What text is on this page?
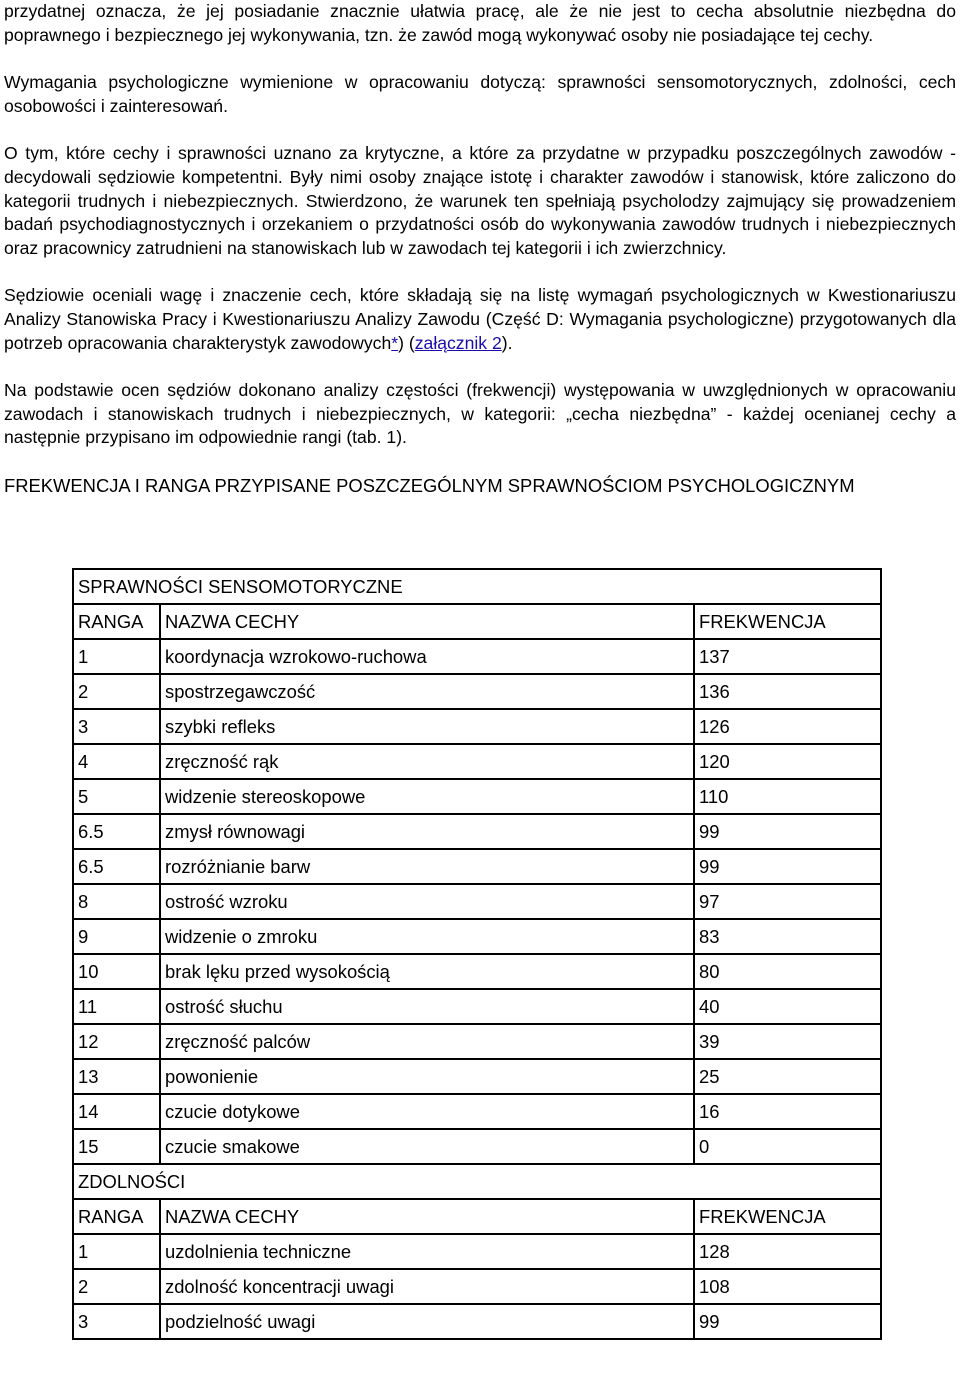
przydatnej oznacza, że jej posiadanie znacznie ułatwia pracę, ale że nie jest to cecha absolutnie niezbędna do poprawnego i bezpiecznego jej wykonywania, tzn. że zawód mogą wykonywać osoby nie posiadające tej cechy.

Wymagania psychologiczne wymienione w opracowaniu dotyczą: sprawności sensomotorycznych, zdolności, cech osobowości i zainteresowań.

O tym, które cechy i sprawności uznano za krytyczne, a które za przydatne w przypadku poszczególnych zawodów - decydowali sędziowie kompetentni. Były nimi osoby znające istotę i charakter zawodów i stanowisk, które zaliczono do kategorii trudnych i niebezpiecznych. Stwierdzono, że warunek ten spełniają psycholodzy zajmujący się prowadzeniem badań psychodiagnostycznych i orzekaniem o przydatności osób do wykonywania zawodów trudnych i niebezpiecznych oraz pracownicy zatrudnieni na stanowiskach lub w zawodach tej kategorii i ich zwierzchnicy.

Sędziowie oceniali wagę i znaczenie cech, które składają się na listę wymagań psychologicznych w Kwestionariuszu Analizy Stanowiska Pracy i Kwestionariuszu Analizy Zawodu (Część D: Wymagania psychologiczne) przygotowanych dla potrzeb opracowania charakterystyk zawodowych*) (załącznik 2).

Na podstawie ocen sędziów dokonano analizy częstości (frekwencji) występowania w uwzględnionych w opracowaniu zawodach i stanowiskach trudnych i niebezpiecznych, w kategorii: „cecha niezbędna” - każdej ocenianej cechy a następnie przypisano im odpowiednie rangi (tab. 1).

FREKWENCJA I RANGA PRZYPISANE POSZCZEGÓLNYM SPRAWNOŚCIOM PSYCHOLOGICZNYM
SPRAWNOŚCI SENSOMOTORYCZNE		
RANGA	NAZWA CECHY	FREKWENCJA
1	koordynacja wzrokowo-ruchowa	137
2	spostrzegawczość	136
3	szybki refleks	126
4	zręczność rąk	120
5	widzenie stereoskopowe	110
6.5	zmysł równowagi	99
6.5	rozróżnianie barw	99
8	ostrość wzroku	97
9	widzenie o zmroku	83
10	brak lęku przed wysokością	80
11	ostrość słuchu	40
12	zręczność palców	39
13	powonienie	25
14	czucie dotykowe	16
15	czucie smakowe	0
ZDOLNOŚCI		
RANGA	NAZWA CECHY	FREKWENCJA
1	uzdolnienia techniczne	128
2	zdolność koncentracji uwagi	108
3	podzielność uwagi	99
